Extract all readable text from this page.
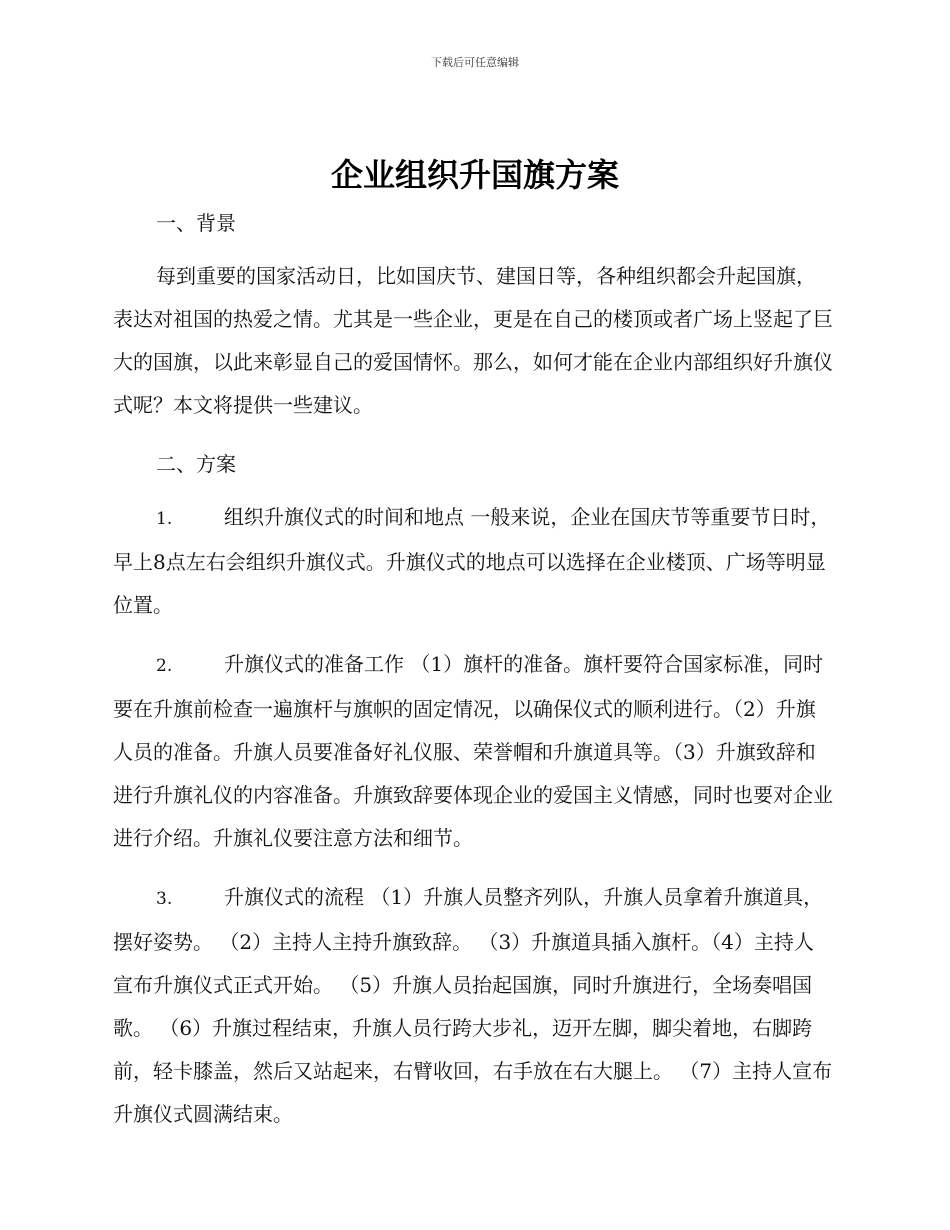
下载后可任意编辑
企业组织升国旗方案

一、背景

每到重要的国家活动日，比如国庆节、建国日等，各种组织都会升起国旗，表达对祖国的热爱之情。尤其是一些企业，更是在自己的楼顶或者广场上竖起了巨大的国旗，以此来彰显自己的爱国情怀。那么，如何才能在企业内部组织好升旗仪式呢？本文将提供一些建议。

二、方案

1.	组织升旗仪式的时间和地点 一般来说，企业在国庆节等重要节日时，早上8点左右会组织升旗仪式。升旗仪式的地点可以选择在企业楼顶、广场等明显位置。

2.	升旗仪式的准备工作 （1）旗杆的准备。旗杆要符合国家标准，同时要在升旗前检查一遍旗杆与旗帜的固定情况，以确保仪式的顺利进行。（2）升旗人员的准备。升旗人员要准备好礼仪服、荣誉帽和升旗道具等。（3）升旗致辞和进行升旗礼仪的内容准备。升旗致辞要体现企业的爱国主义情感，同时也要对企业进行介绍。升旗礼仪要注意方法和细节。

3.	升旗仪式的流程 （1）升旗人员整齐列队，升旗人员拿着升旗道具，摆好姿势。 （2）主持人主持升旗致辞。 （3）升旗道具插入旗杆。（4）主持人宣布升旗仪式正式开始。 （5）升旗人员抬起国旗，同时升旗进行，全场奏唱国歌。 （6）升旗过程结束，升旗人员行跨大步礼，迈开左脚，脚尖着地，右脚跨前，轻卡膝盖，然后又站起来，右臂收回，右手放在右大腿上。 （7）主持人宣布升旗仪式圆满结束。
